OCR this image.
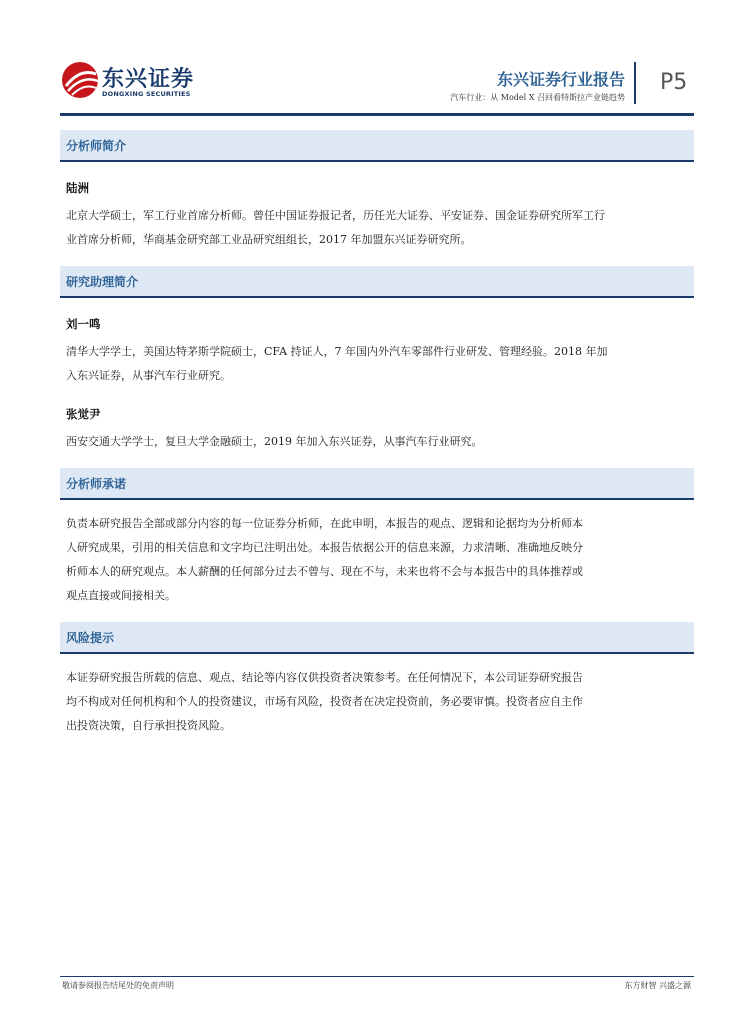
东兴证券
DONGXING SECURITIES
东兴证券行业报告
汽车行业：从 Model X 召回看特斯拉产业链趋势
P5
分析师简介
陆洲
北京大学硕士，军工行业首席分析师。曾任中国证券报记者，历任光大证券、平安证券、国金证券研究所军工行
业首席分析师，华商基金研究部工业品研究组组长，2017 年加盟东兴证券研究所。
研究助理简介
刘一鸣
清华大学学士，美国达特茅斯学院硕士，CFA 持证人，7 年国内外汽车零部件行业研发、管理经验。2018 年加
入东兴证券，从事汽车行业研究。
张觉尹
西安交通大学学士，复旦大学金融硕士，2019 年加入东兴证券，从事汽车行业研究。
分析师承诺
负责本研究报告全部或部分内容的每一位证券分析师，在此申明，本报告的观点、逻辑和论据均为分析师本
人研究成果，引用的相关信息和文字均已注明出处。本报告依据公开的信息来源，力求清晰、准确地反映分
析师本人的研究观点。本人薪酬的任何部分过去不曾与、现在不与，未来也将不会与本报告中的具体推荐或
观点直接或间接相关。
风险提示
本证券研究报告所载的信息、观点、结论等内容仅供投资者决策参考。在任何情况下，本公司证券研究报告
均不构成对任何机构和个人的投资建议，市场有风险，投资者在决定投资前，务必要审慎。投资者应自主作
出投资决策，自行承担投资风险。
敬请参阅报告结尾处的免责声明	东方财智 兴盛之源
